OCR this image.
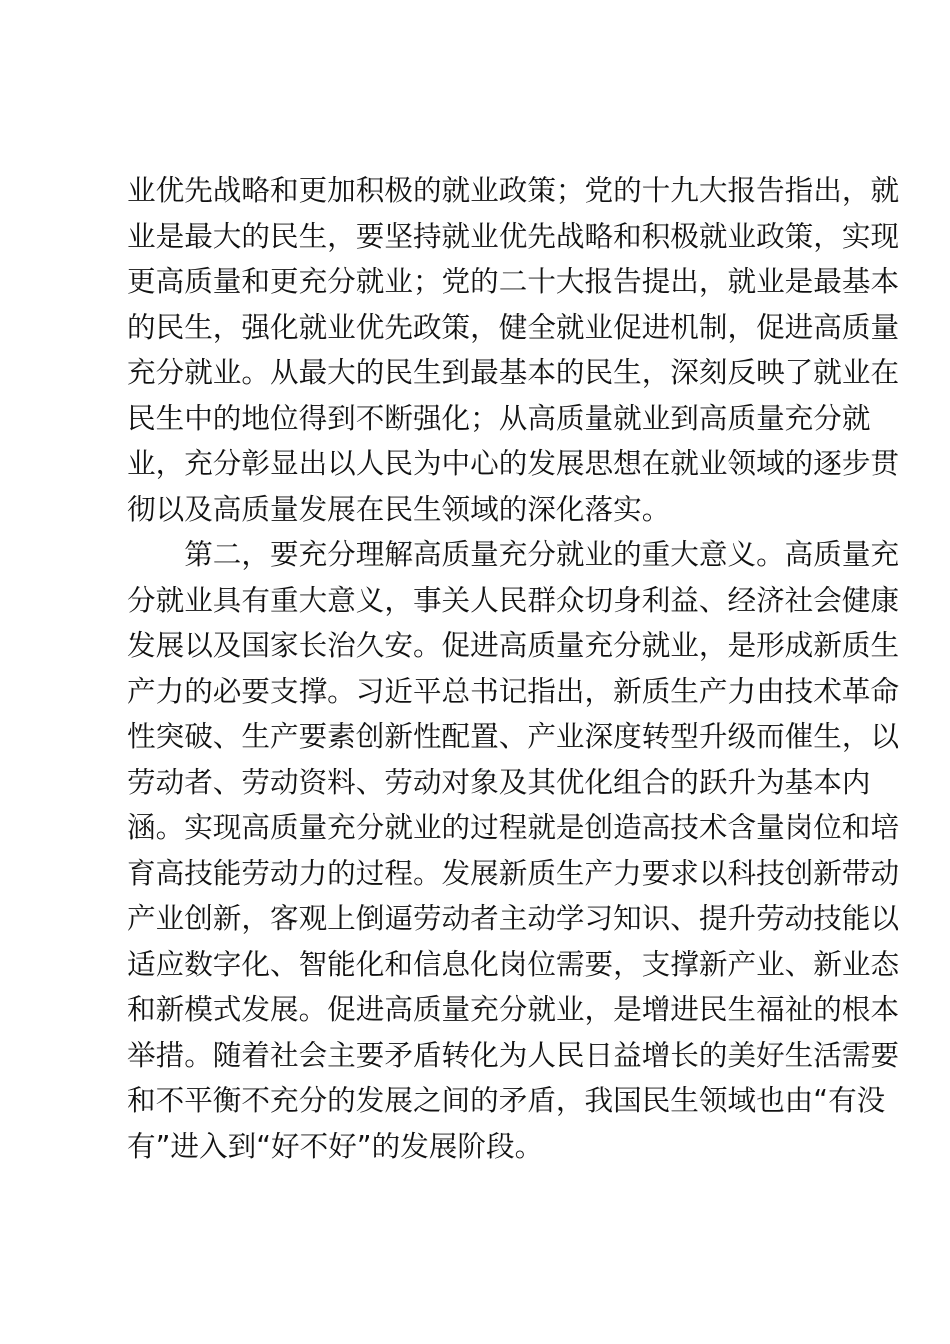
业优先战略和更加积极的就业政策；党的十九大报告指出，就
业是最大的民生，要坚持就业优先战略和积极就业政策，实现
更高质量和更充分就业；党的二十大报告提出，就业是最基本
的民生，强化就业优先政策，健全就业促进机制，促进高质量
充分就业。从最大的民生到最基本的民生，深刻反映了就业在
民生中的地位得到不断强化；从高质量就业到高质量充分就
业，充分彰显出以人民为中心的发展思想在就业领域的逐步贯
彻以及高质量发展在民生领域的深化落实。
　　第二，要充分理解高质量充分就业的重大意义。高质量充
分就业具有重大意义，事关人民群众切身利益、经济社会健康
发展以及国家长治久安。促进高质量充分就业，是形成新质生
产力的必要支撑。习近平总书记指出，新质生产力由技术革命
性突破、生产要素创新性配置、产业深度转型升级而催生，以
劳动者、劳动资料、劳动对象及其优化组合的跃升为基本内
涵。实现高质量充分就业的过程就是创造高技术含量岗位和培
育高技能劳动力的过程。发展新质生产力要求以科技创新带动
产业创新，客观上倒逼劳动者主动学习知识、提升劳动技能以
适应数字化、智能化和信息化岗位需要，支撑新产业、新业态
和新模式发展。促进高质量充分就业，是增进民生福祉的根本
举措。随着社会主要矛盾转化为人民日益增长的美好生活需要
和不平衡不充分的发展之间的矛盾，我国民生领域也由“有没
有”进入到“好不好”的发展阶段。
